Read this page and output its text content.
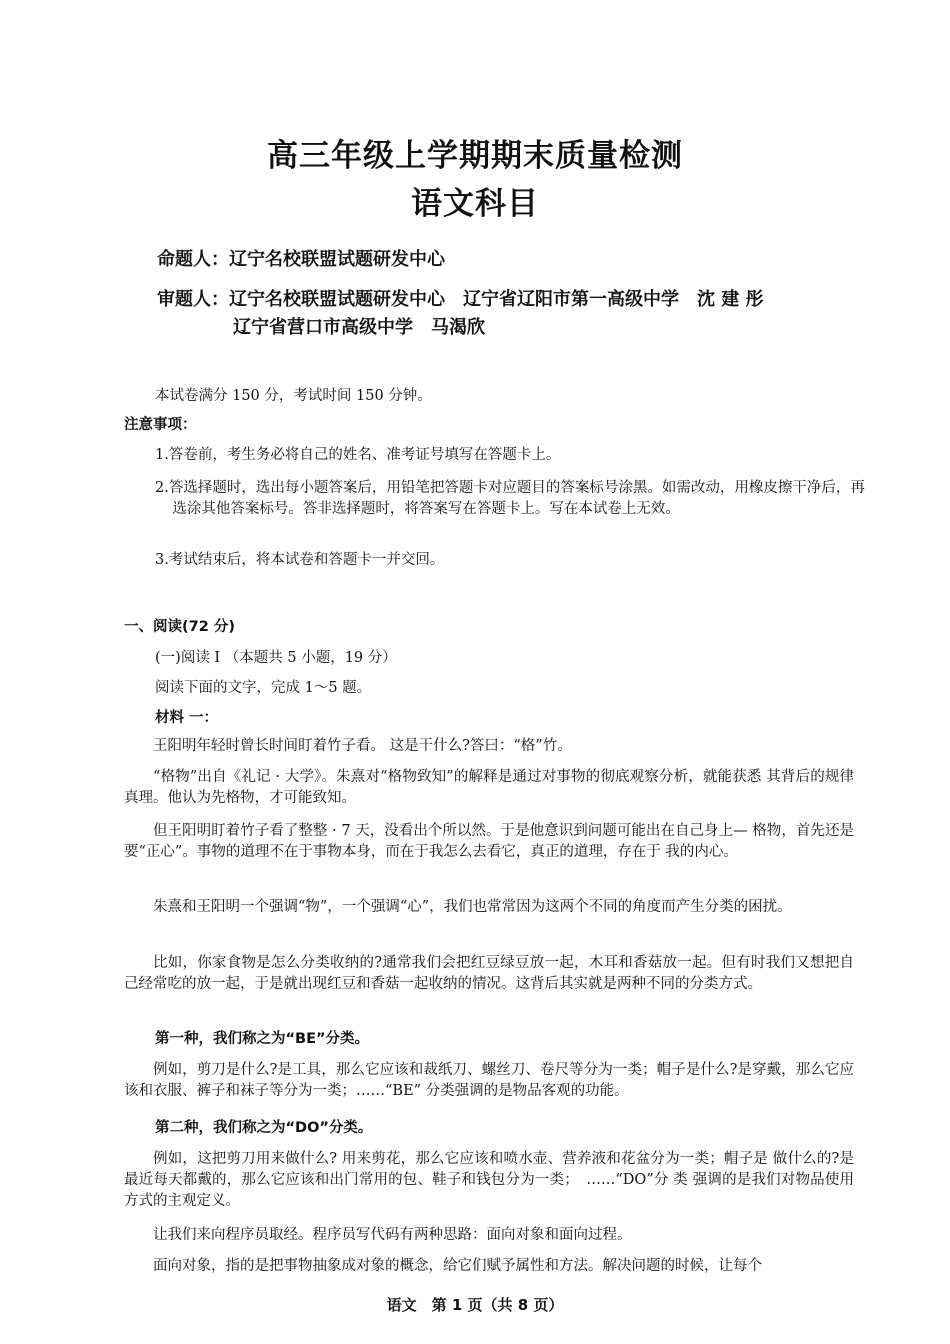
高三年级上学期期末质量检测
语文科目
命题人：辽宁名校联盟试题研发中心
审题人：辽宁名校联盟试题研发中心　辽宁省辽阳市第一高级中学　沈 建 彤
辽宁省营口市高级中学　马渴欣
本试卷满分 150 分，考试时间 150 分钟。
注意事项：
1.答卷前，考生务必将自己的姓名、准考证号填写在答题卡上。
2.答选择题时，选出每小题答案后，用铅笔把答题卡对应题目的答案标号涂黑。如需改动，用橡皮擦干净后，再选涂其他答案标号。答非选择题时，将答案写在答题卡上。写在本试卷上无效。
3.考试结束后，将本试卷和答题卡一并交回。
一、阅读(72 分)
(一)阅读 I （本题共 5 小题，19 分）
阅读下面的文字，完成 1～5 题。
材料 一：
王阳明年轻时曾长时间盯着竹子看。 这是干什么?答曰：“格”竹。
“格物”出自《礼记 · 大学》。朱熹对“格物致知”的解释是通过对事物的彻底观察分析，就能获悉 其背后的规律真理。他认为先格物，才可能致知。
但王阳明盯着竹子看了整整 · 7 天，没看出个所以然。于是他意识到问题可能出在自己身上— 格物，首先还是要“正心”。事物的道理不在于事物本身，而在于我怎么去看它，真正的道理，存在于 我的内心。
朱熹和王阳明一个强调“物”，一个强调“心”，我们也常常因为这两个不同的角度而产生分类的困扰。
比如，你家食物是怎么分类收纳的?通常我们会把红豆绿豆放一起，木耳和香菇放一起。但有时我们又想把自己经常吃的放一起，于是就出现红豆和香菇一起收纳的情况。这背后其实就是两种不同的分类方式。
第一种，我们称之为“BE”分类。
例如，剪刀是什么?是工具，那么它应该和裁纸刀、螺丝刀、卷尺等分为一类；帽子是什么?是穿戴，那么它应该和衣服、裤子和袜子等分为一类；……“BE” 分类强调的是物品客观的功能。
第二种，我们称之为“DO”分类。
例如，这把剪刀用来做什么? 用来剪花，那么它应该和喷水壶、营养液和花盆分为一类；帽子是 做什么的?是最近每天都戴的，那么它应该和出门常用的包、鞋子和钱包分为一类；　……“DO”分 类 强调的是我们对物品使用方式的主观定义。
让我们来向程序员取经。程序员写代码有两种思路：面向对象和面向过程。
面向对象，指的是把事物抽象成对象的概念，给它们赋予属性和方法。解决问题的时候，让每个
语文　第 1 页（共 8 页）
